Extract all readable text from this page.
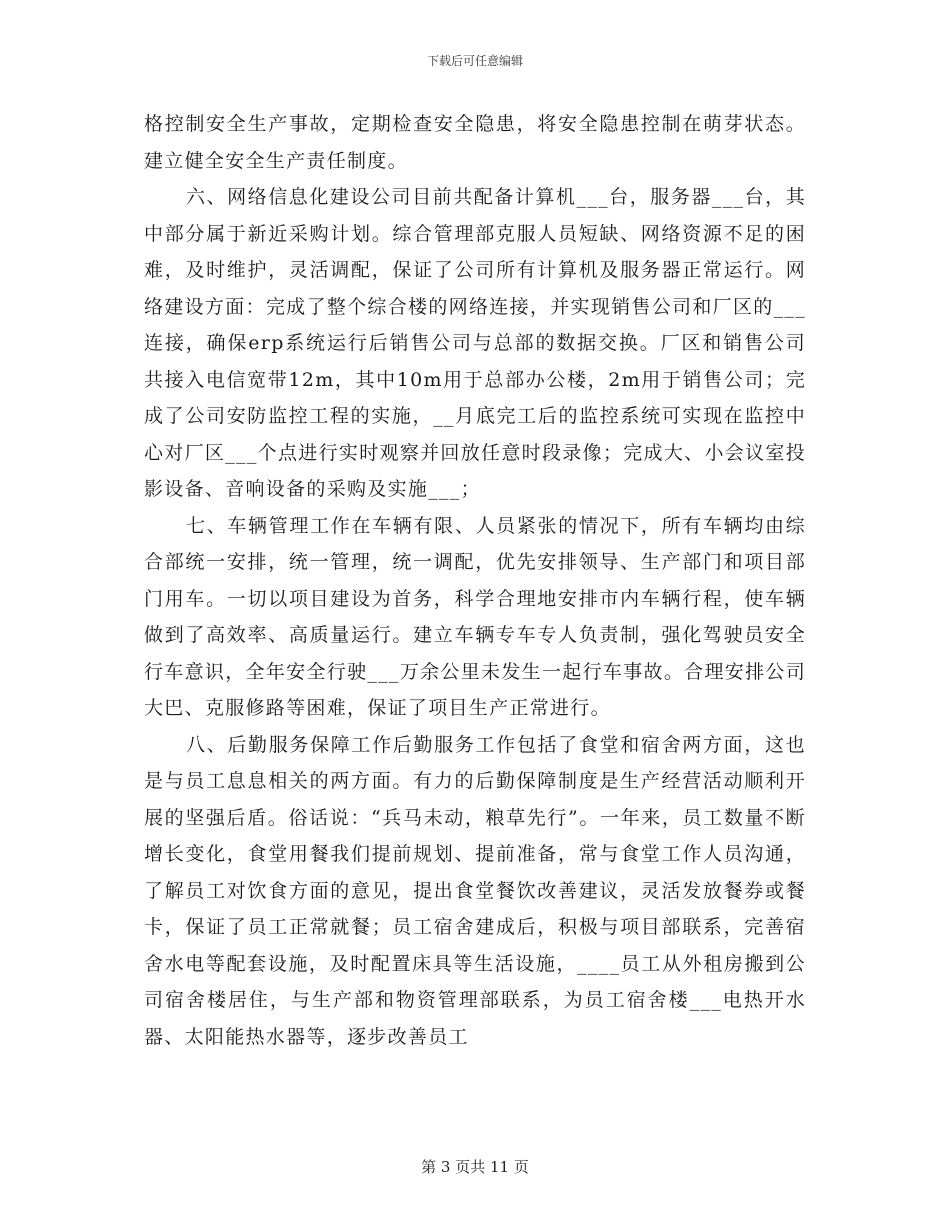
下载后可任意编辑

格控制安全生产事故，定期检查安全隐患，将安全隐患控制在萌芽状态。建立健全安全生产责任制度。

六、网络信息化建设公司目前共配备计算机___台，服务器___台，其中部分属于新近采购计划。综合管理部克服人员短缺、网络资源不足的困难，及时维护，灵活调配，保证了公司所有计算机及服务器正常运行。网络建设方面：完成了整个综合楼的网络连接，并实现销售公司和厂区的___连接，确保erp系统运行后销售公司与总部的数据交换。厂区和销售公司共接入电信宽带12m，其中10m用于总部办公楼，2m用于销售公司；完成了公司安防监控工程的实施，__月底完工后的监控系统可实现在监控中心对厂区___个点进行实时观察并回放任意时段录像；完成大、小会议室投影设备、音响设备的采购及实施___；

七、车辆管理工作在车辆有限、人员紧张的情况下，所有车辆均由综合部统一安排，统一管理，统一调配，优先安排领导、生产部门和项目部门用车。一切以项目建设为首务，科学合理地安排市内车辆行程，使车辆做到了高效率、高质量运行。建立车辆专车专人负责制，强化驾驶员安全行车意识，全年安全行驶___万余公里未发生一起行车事故。合理安排公司大巴、克服修路等困难，保证了项目生产正常进行。

八、后勤服务保障工作后勤服务工作包括了食堂和宿舍两方面，这也是与员工息息相关的两方面。有力的后勤保障制度是生产经营活动顺利开展的坚强后盾。俗话说：“兵马未动，粮草先行”。一年来，员工数量不断增长变化，食堂用餐我们提前规划、提前准备，常与食堂工作人员沟通，了解员工对饮食方面的意见，提出食堂餐饮改善建议，灵活发放餐券或餐卡，保证了员工正常就餐；员工宿舍建成后，积极与项目部联系，完善宿舍水电等配套设施，及时配置床具等生活设施，____员工从外租房搬到公司宿舍楼居住，与生产部和物资管理部联系，为员工宿舍楼___电热开水器、太阳能热水器等，逐步改善员工

第 3 页共 11 页
